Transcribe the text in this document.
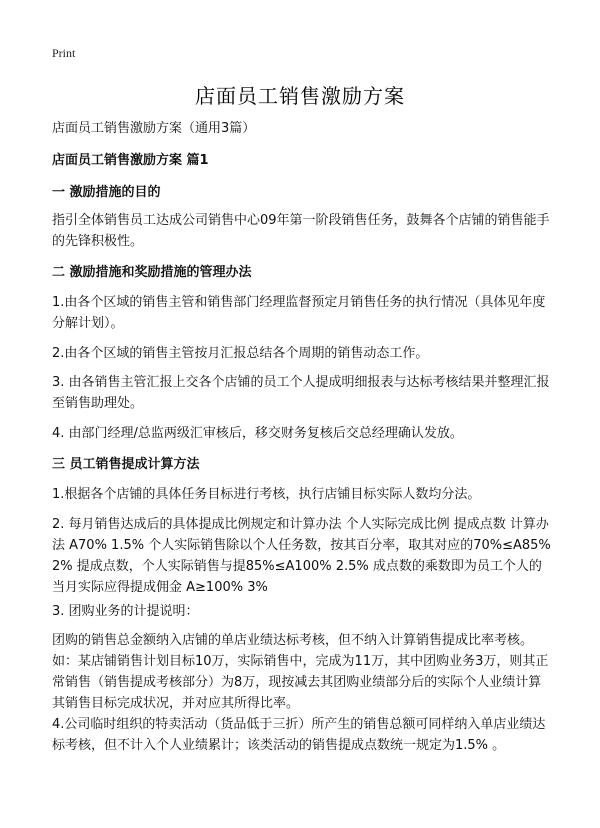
Print
店面员工销售激励方案
店面员工销售激励方案（通用3篇）
店面员工销售激励方案 篇1
一 激励措施的目的
指引全体销售员工达成公司销售中心09年第一阶段销售任务，鼓舞各个店铺的销售能手的先锋积极性。
二 激励措施和奖励措施的管理办法
1.由各个区域的销售主管和销售部门经理监督预定月销售任务的执行情况（具体见年度分解计划）。
2.由各个区域的销售主管按月汇报总结各个周期的销售动态工作。
3. 由各销售主管汇报上交各个店铺的员工个人提成明细报表与达标考核结果并整理汇报至销售助理处。
4. 由部门经理/总监两级汇审核后，移交财务复核后交总经理确认发放。
三 员工销售提成计算方法
1.根据各个店铺的具体任务目标进行考核，执行店铺目标实际人数均分法。
2. 每月销售达成后的具体提成比例规定和计算办法 个人实际完成比例 提成点数 计算办法 A70% 1.5% 个人实际销售除以个人任务数，按其百分率，取其对应的70%≤A85% 2% 提成点数，个人实际销售与提85%≤A100% 2.5% 成点数的乘数即为员工个人的当月实际应得提成佣金 A≥100% 3%
3. 团购业务的计提说明：
团购的销售总金额纳入店铺的单店业绩达标考核，但不纳入计算销售提成比率考核。 如：某店铺销售计划目标10万，实际销售中，完成为11万，其中团购业务3万，则其正常销售（销售提成考核部分）为8万，现按减去其团购业绩部分后的实际个人业绩计算其销售目标完成状况，并对应其所得比率。
4.公司临时组织的特卖活动（货品低于三折）所产生的销售总额可同样纳入单店业绩达标考核，但不计入个人业绩累计；该类活动的销售提成点数统一规定为1.5% 。
